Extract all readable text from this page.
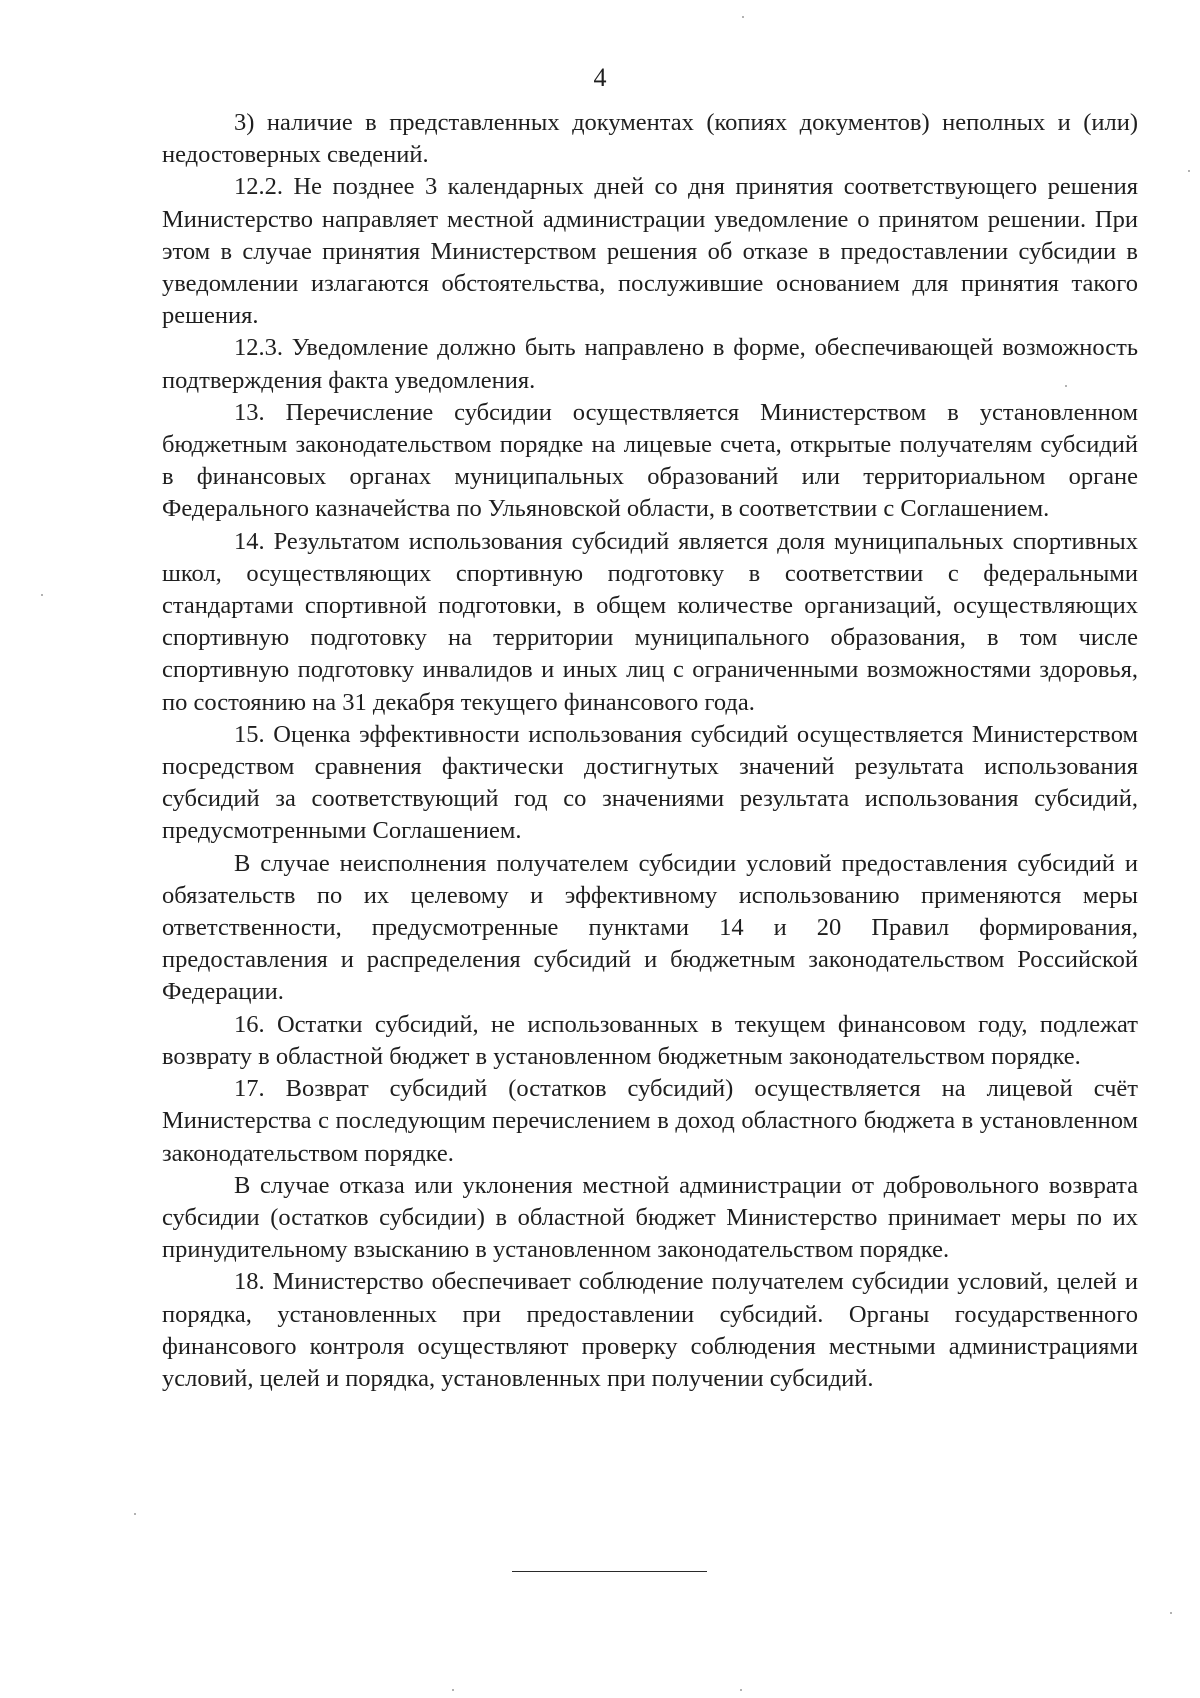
4

3) наличие в представленных документах (копиях документов) неполных и (или) недостоверных сведений.

12.2. Не позднее 3 календарных дней со дня принятия соответствующего решения Министерство направляет местной администрации уведомление о принятом решении. При этом в случае принятия Министерством решения об отказе в предоставлении субсидии в уведомлении излагаются обстоятельства, послужившие основанием для принятия такого решения.

12.3. Уведомление должно быть направлено в форме, обеспечивающей возможность подтверждения факта уведомления.

13. Перечисление субсидии осуществляется Министерством в установленном бюджетным законодательством порядке на лицевые счета, открытые получателям субсидий в финансовых органах муниципальных образований или территориальном органе Федерального казначейства по Ульяновской области, в соответствии с Соглашением.

14. Результатом использования субсидий является доля муниципальных спортивных школ, осуществляющих спортивную подготовку в соответствии с федеральными стандартами спортивной подготовки, в общем количестве организаций, осуществляющих спортивную подготовку на территории муниципального образования, в том числе спортивную подготовку инвалидов и иных лиц с ограниченными возможностями здоровья, по состоянию на 31 декабря текущего финансового года.

15. Оценка эффективности использования субсидий осуществляется Министерством посредством сравнения фактически достигнутых значений результата использования субсидий за соответствующий год со значениями результата использования субсидий, предусмотренными Соглашением.

В случае неисполнения получателем субсидии условий предоставления субсидий и обязательств по их целевому и эффективному использованию применяются меры ответственности, предусмотренные пунктами 14 и 20 Правил формирования, предоставления и распределения субсидий и бюджетным законодательством Российской Федерации.

16. Остатки субсидий, не использованных в текущем финансовом году, подлежат возврату в областной бюджет в установленном бюджетным законодательством порядке.

17. Возврат субсидий (остатков субсидий) осуществляется на лицевой счёт Министерства с последующим перечислением в доход областного бюджета в установленном законодательством порядке.

В случае отказа или уклонения местной администрации от добровольного возврата субсидии (остатков субсидии) в областной бюджет Министерство принимает меры по их принудительному взысканию в установленном законодательством порядке.

18. Министерство обеспечивает соблюдение получателем субсидии условий, целей и порядка, установленных при предоставлении субсидий. Органы государственного финансового контроля осуществляют проверку соблюдения местными администрациями условий, целей и порядка, установленных при получении субсидий.
